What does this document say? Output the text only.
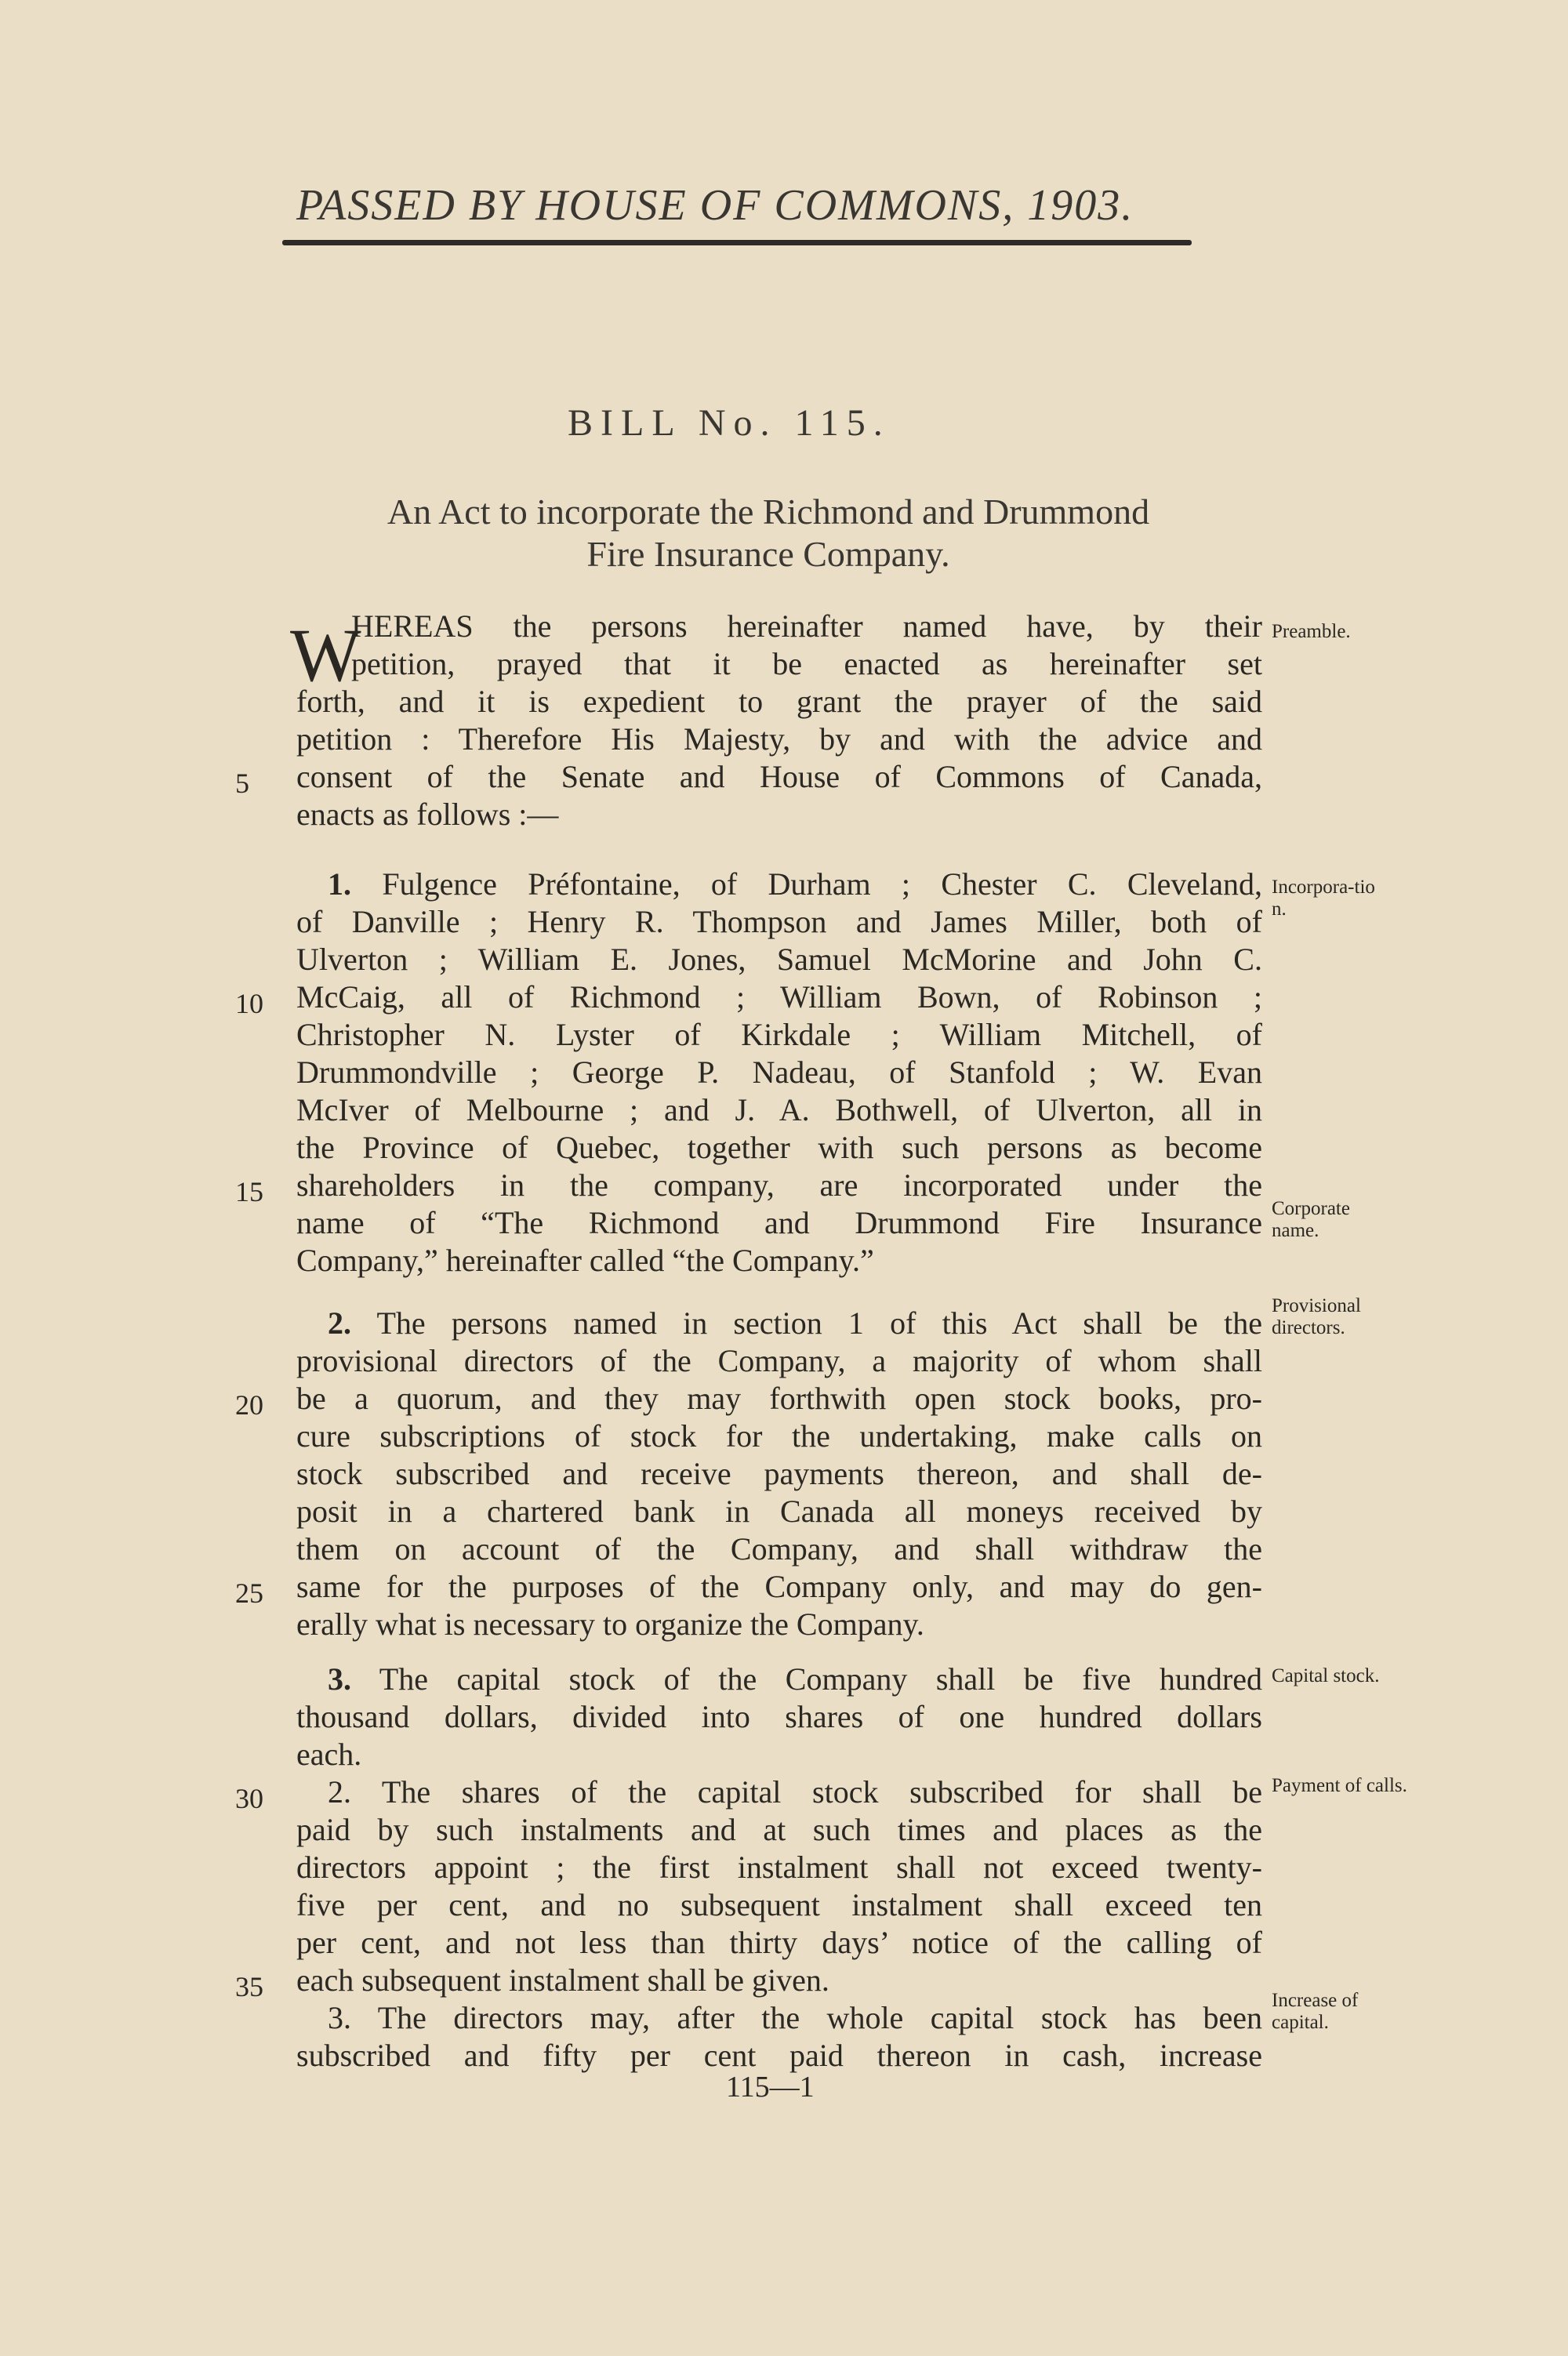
PASSED BY HOUSE OF COMMONS, 1903.
BILL No. 115.
An Act to incorporate the Richmond and Drummond
Fire Insurance Company.
W
HEREAS the persons hereinafter named have, by their
petition, prayed that it be enacted as hereinafter set
forth, and it is expedient to grant the prayer of the said
petition : Therefore His Majesty, by and with the advice and
consent of the Senate and House of Commons of Canada,
enacts as follows :—
1. Fulgence Préfontaine, of Durham ; Chester C. Cleveland,
of Danville ; Henry R. Thompson and James Miller, both of
Ulverton ; William E. Jones, Samuel McMorine and John C.
McCaig, all of Richmond ; William Bown, of Robinson ;
Christopher N. Lyster of Kirkdale ; William Mitchell, of
Drummondville ; George P. Nadeau, of Stanfold ; W. Evan
McIver of Melbourne ; and J. A. Bothwell, of Ulverton, all in
the Province of Quebec, together with such persons as become
shareholders in the company, are incorporated under the
name of “The Richmond and Drummond Fire Insurance
Company,” hereinafter called “the Company.”
2. The persons named in section 1 of this Act shall be the
provisional directors of the Company, a majority of whom shall
be a quorum, and they may forthwith open stock books, pro-
cure subscriptions of stock for the undertaking, make calls on
stock subscribed and receive payments thereon, and shall de-
posit in a chartered bank in Canada all moneys received by
them on account of the Company, and shall withdraw the
same for the purposes of the Company only, and may do gen-
erally what is necessary to organize the Company.
3. The capital stock of the Company shall be five hundred
thousand dollars, divided into shares of one hundred dollars
each.
2. The shares of the capital stock subscribed for shall be
paid by such instalments and at such times and places as the
directors appoint ; the first instalment shall not exceed twenty-
five per cent, and no subsequent instalment shall exceed ten
per cent, and not less than thirty days’ notice of the calling of
each subsequent instalment shall be given.
3. The directors may, after the whole capital stock has been
subscribed and fifty per cent paid thereon in cash, increase
5
10
15
20
25
30
35
Preamble.
Incorpora-tion.
Corporate name.
Provisional directors.
Capital stock.
Payment of calls.
Increase of capital.
115—1
